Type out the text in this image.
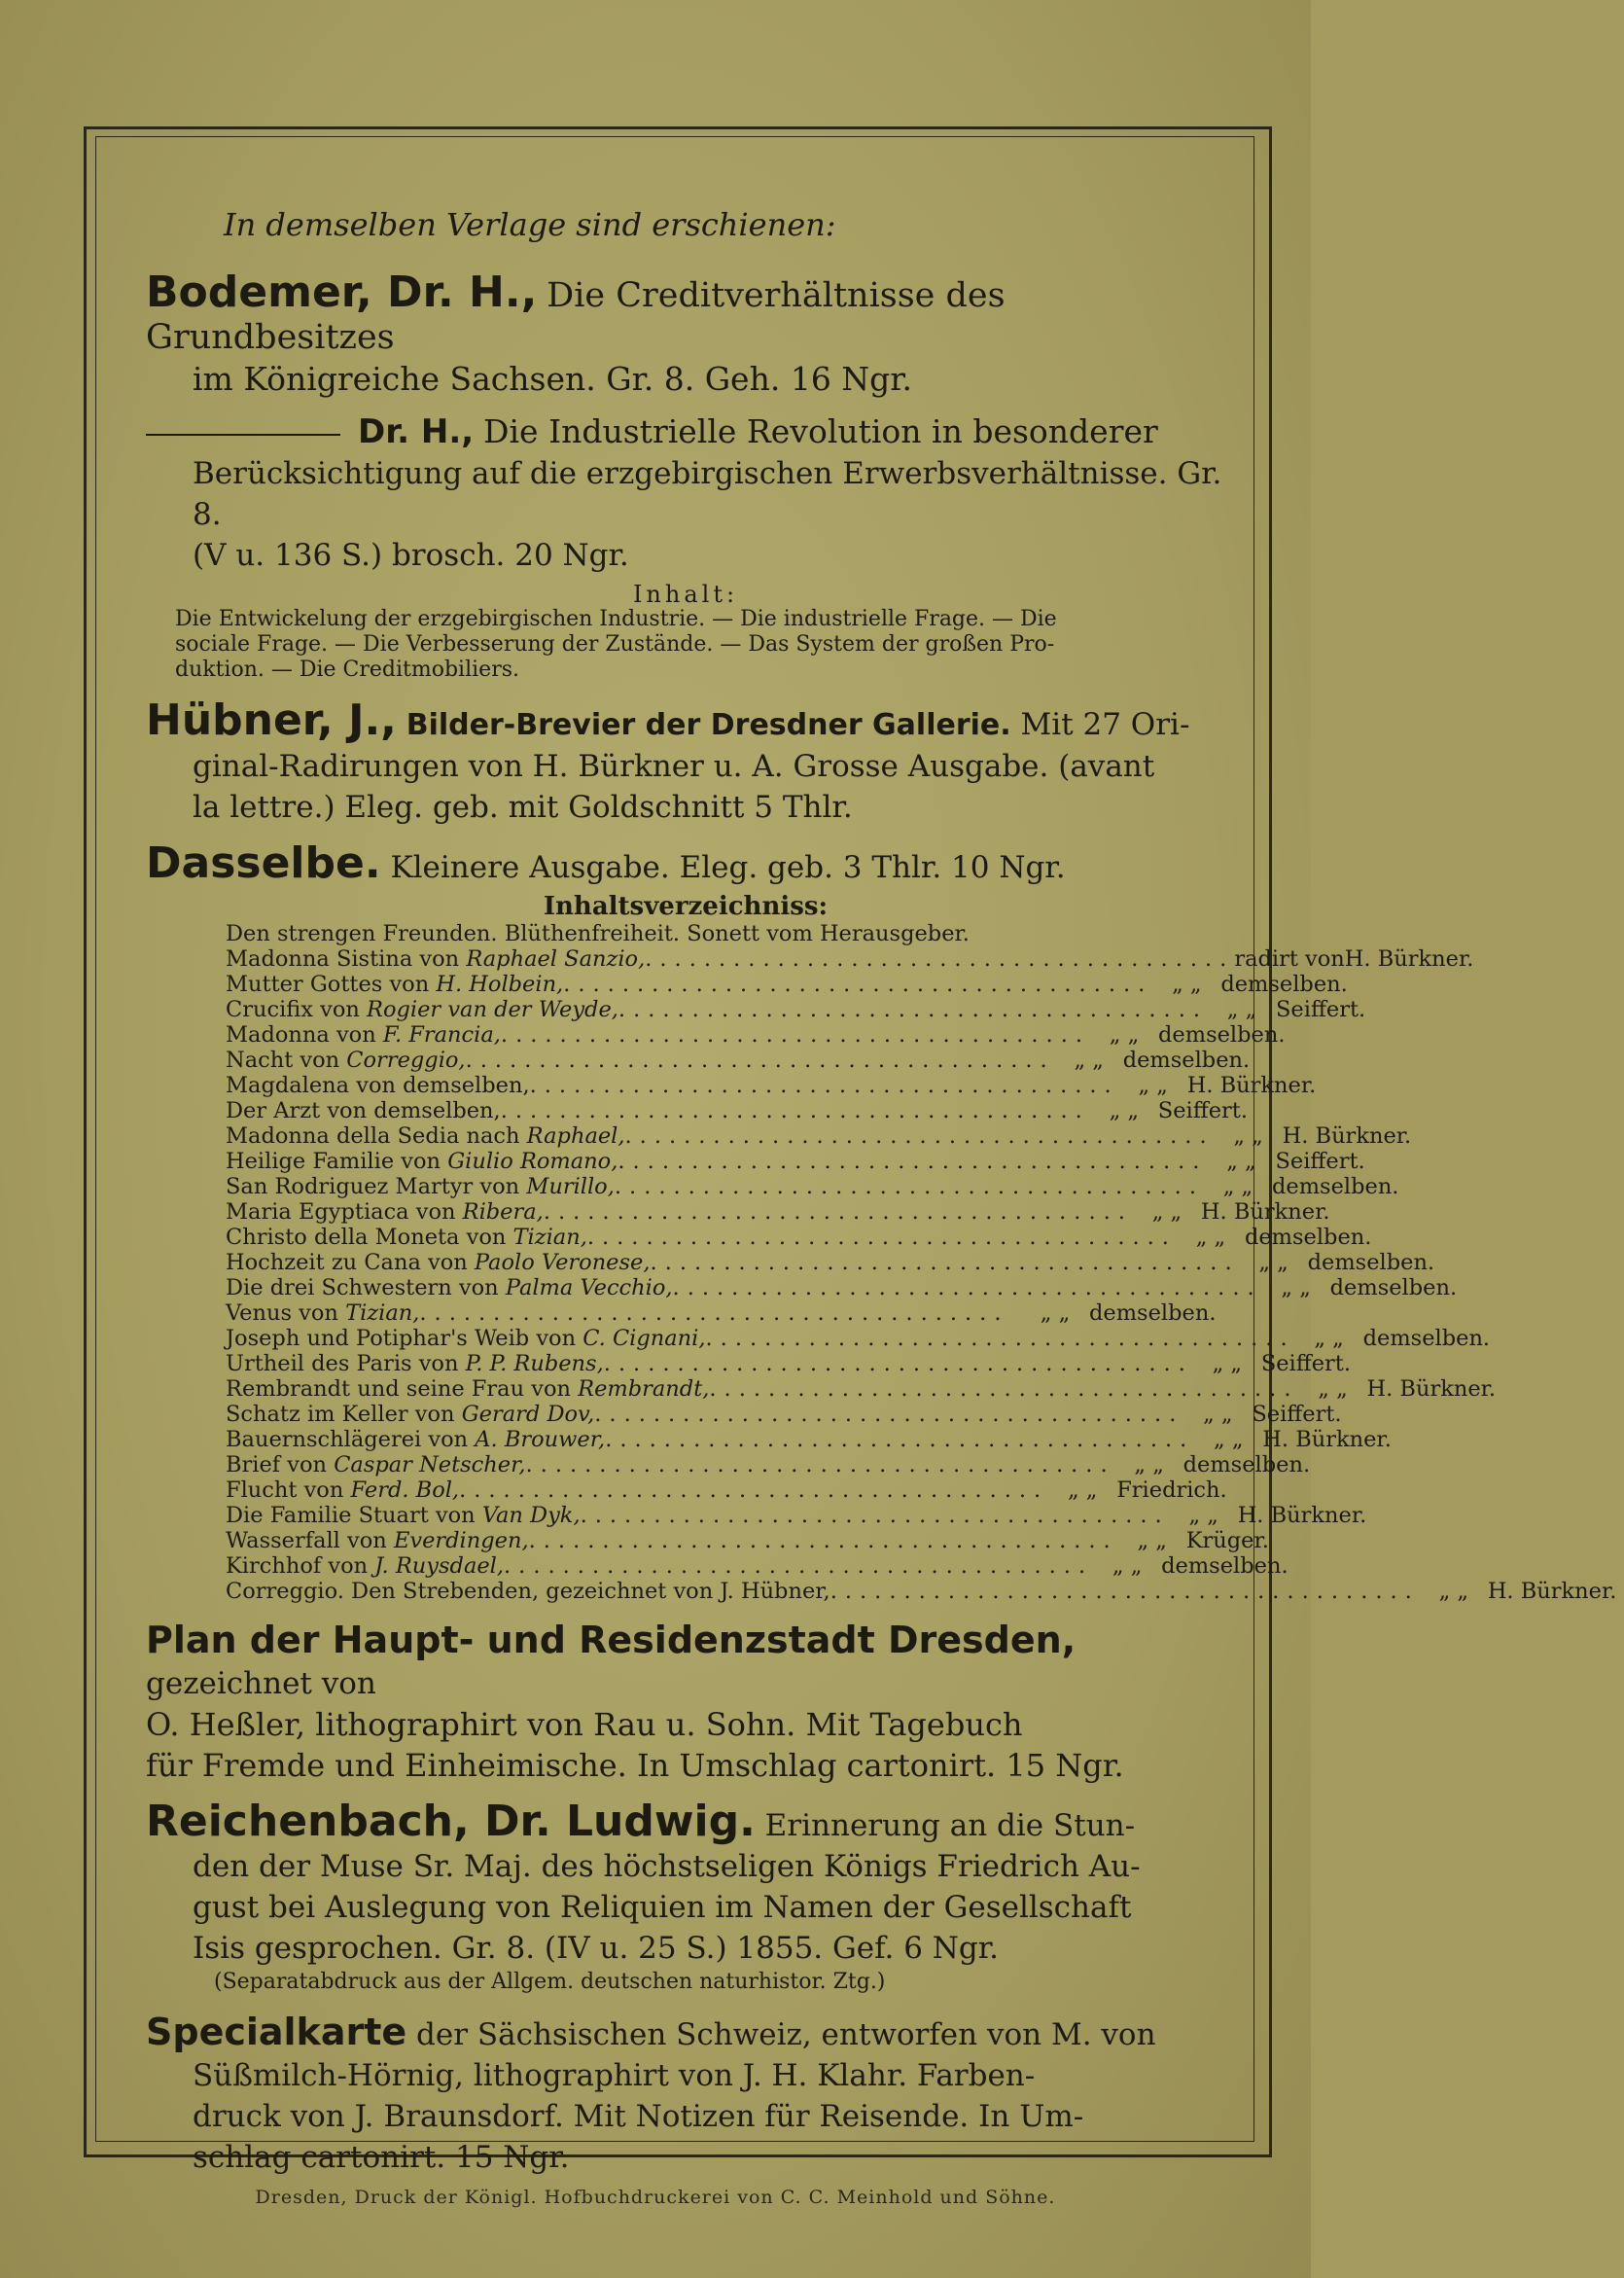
In demselben Verlage sind erschienen:
Bodemer, Dr. H., Die Creditverhältnisse des Grundbesitzes
im Königreiche Sachsen. Gr. 8. Geh. 16 Ngr.
Dr. H., Die Industrielle Revolution in besonderer
Berücksichtigung auf die erzgebirgischen Erwerbsverhältnisse. Gr. 8.
(V u. 136 S.) brosch. 20 Ngr.
Inhalt:
Die Entwickelung der erzgebirgischen Industrie. — Die industrielle Frage. — Die
sociale Frage. — Die Verbesserung der Zustände. — Das System der großen Pro-
duktion. — Die Creditmobiliers.
Hübner, J., Bilder-Brevier der Dresdner Gallerie. Mit 27 Ori-
ginal-Radirungen von H. Bürkner u. A. Grosse Ausgabe. (avant
la lettre.) Eleg. geb. mit Goldschnitt 5 Thlr.
Dasselbe. Kleinere Ausgabe. Eleg. geb. 3 Thlr. 10 Ngr.
Inhaltsverzeichniss:
Den strengen Freunden. Blüthenfreiheit. Sonett vom Herausgeber.
Madonna Sistina von Raphael Sanzio, ........................................ radirt von H. Bürkner.
Mutter Gottes von H. Holbein, ........................................ „ „ demselben.
Crucifix von Rogier van der Weyde, ........................................ „ „ Seiffert.
Madonna von F. Francia, ........................................ „ „ demselben.
Nacht von Correggio, ........................................ „ „ demselben.
Magdalena von demselben, ........................................ „ „ H. Bürkner.
Der Arzt von demselben, ........................................ „ „ Seiffert.
Madonna della Sedia nach Raphael, ........................................ „ „ H. Bürkner.
Heilige Familie von Giulio Romano, ........................................ „ „ Seiffert.
San Rodriguez Martyr von Murillo, ........................................ „ „ demselben.
Maria Egyptiaca von Ribera, ........................................ „ „ H. Bürkner.
Christo della Moneta von Tizian, ........................................ „ „ demselben.
Hochzeit zu Cana von Paolo Veronese, ........................................ „ „ demselben.
Die drei Schwestern von Palma Vecchio, ........................................ „ „ demselben.
Venus von Tizian, ........................................	„ „ demselben.
Joseph und Potiphar's Weib von C. Cignani, ........................................ „ „ demselben.
Urtheil des Paris von P. P. Rubens, ........................................ „ „ Seiffert.
Rembrandt und seine Frau von Rembrandt, ........................................ „ „ H. Bürkner.
Schatz im Keller von Gerard Dov, ........................................ „ „ Seiffert.
Bauernschlägerei von A. Brouwer, ........................................ „ „ H. Bürkner.
Brief von Caspar Netscher, ........................................ „ „ demselben.
Flucht von Ferd. Bol, ........................................ „ „ Friedrich.
Die Familie Stuart von Van Dyk, ........................................ „ „ H. Bürkner.
Wasserfall von Everdingen, ........................................ „ „ Krüger.
Kirchhof von J. Ruysdael, ........................................ „ „ demselben.
Correggio. Den Strebenden, gezeichnet von J. Hübner, ........................................ „ „ H. Bürkner.
Plan der Haupt- und Residenzstadt Dresden, gezeichnet von
O. Heßler, lithographirt von Rau u. Sohn. Mit Tagebuch
für Fremde und Einheimische. In Umschlag cartonirt. 15 Ngr.
Reichenbach, Dr. Ludwig. Erinnerung an die Stun-
den der Muse Sr. Maj. des höchstseligen Königs Friedrich Au-
gust bei Auslegung von Reliquien im Namen der Gesellschaft
Isis gesprochen. Gr. 8. (IV u. 25 S.) 1855. Gef. 6 Ngr.
(Separatabdruck aus der Allgem. deutschen naturhistor. Ztg.)
Specialkarte der Sächsischen Schweiz, entworfen von M. von
Süßmilch-Hörnig, lithographirt von J. H. Klahr. Farben-
druck von J. Braunsdorf. Mit Notizen für Reisende. In Um-
schlag cartonirt. 15 Ngr.
Dresden, Druck der Königl. Hofbuchdruckerei von C. C. Meinhold und Söhne.
